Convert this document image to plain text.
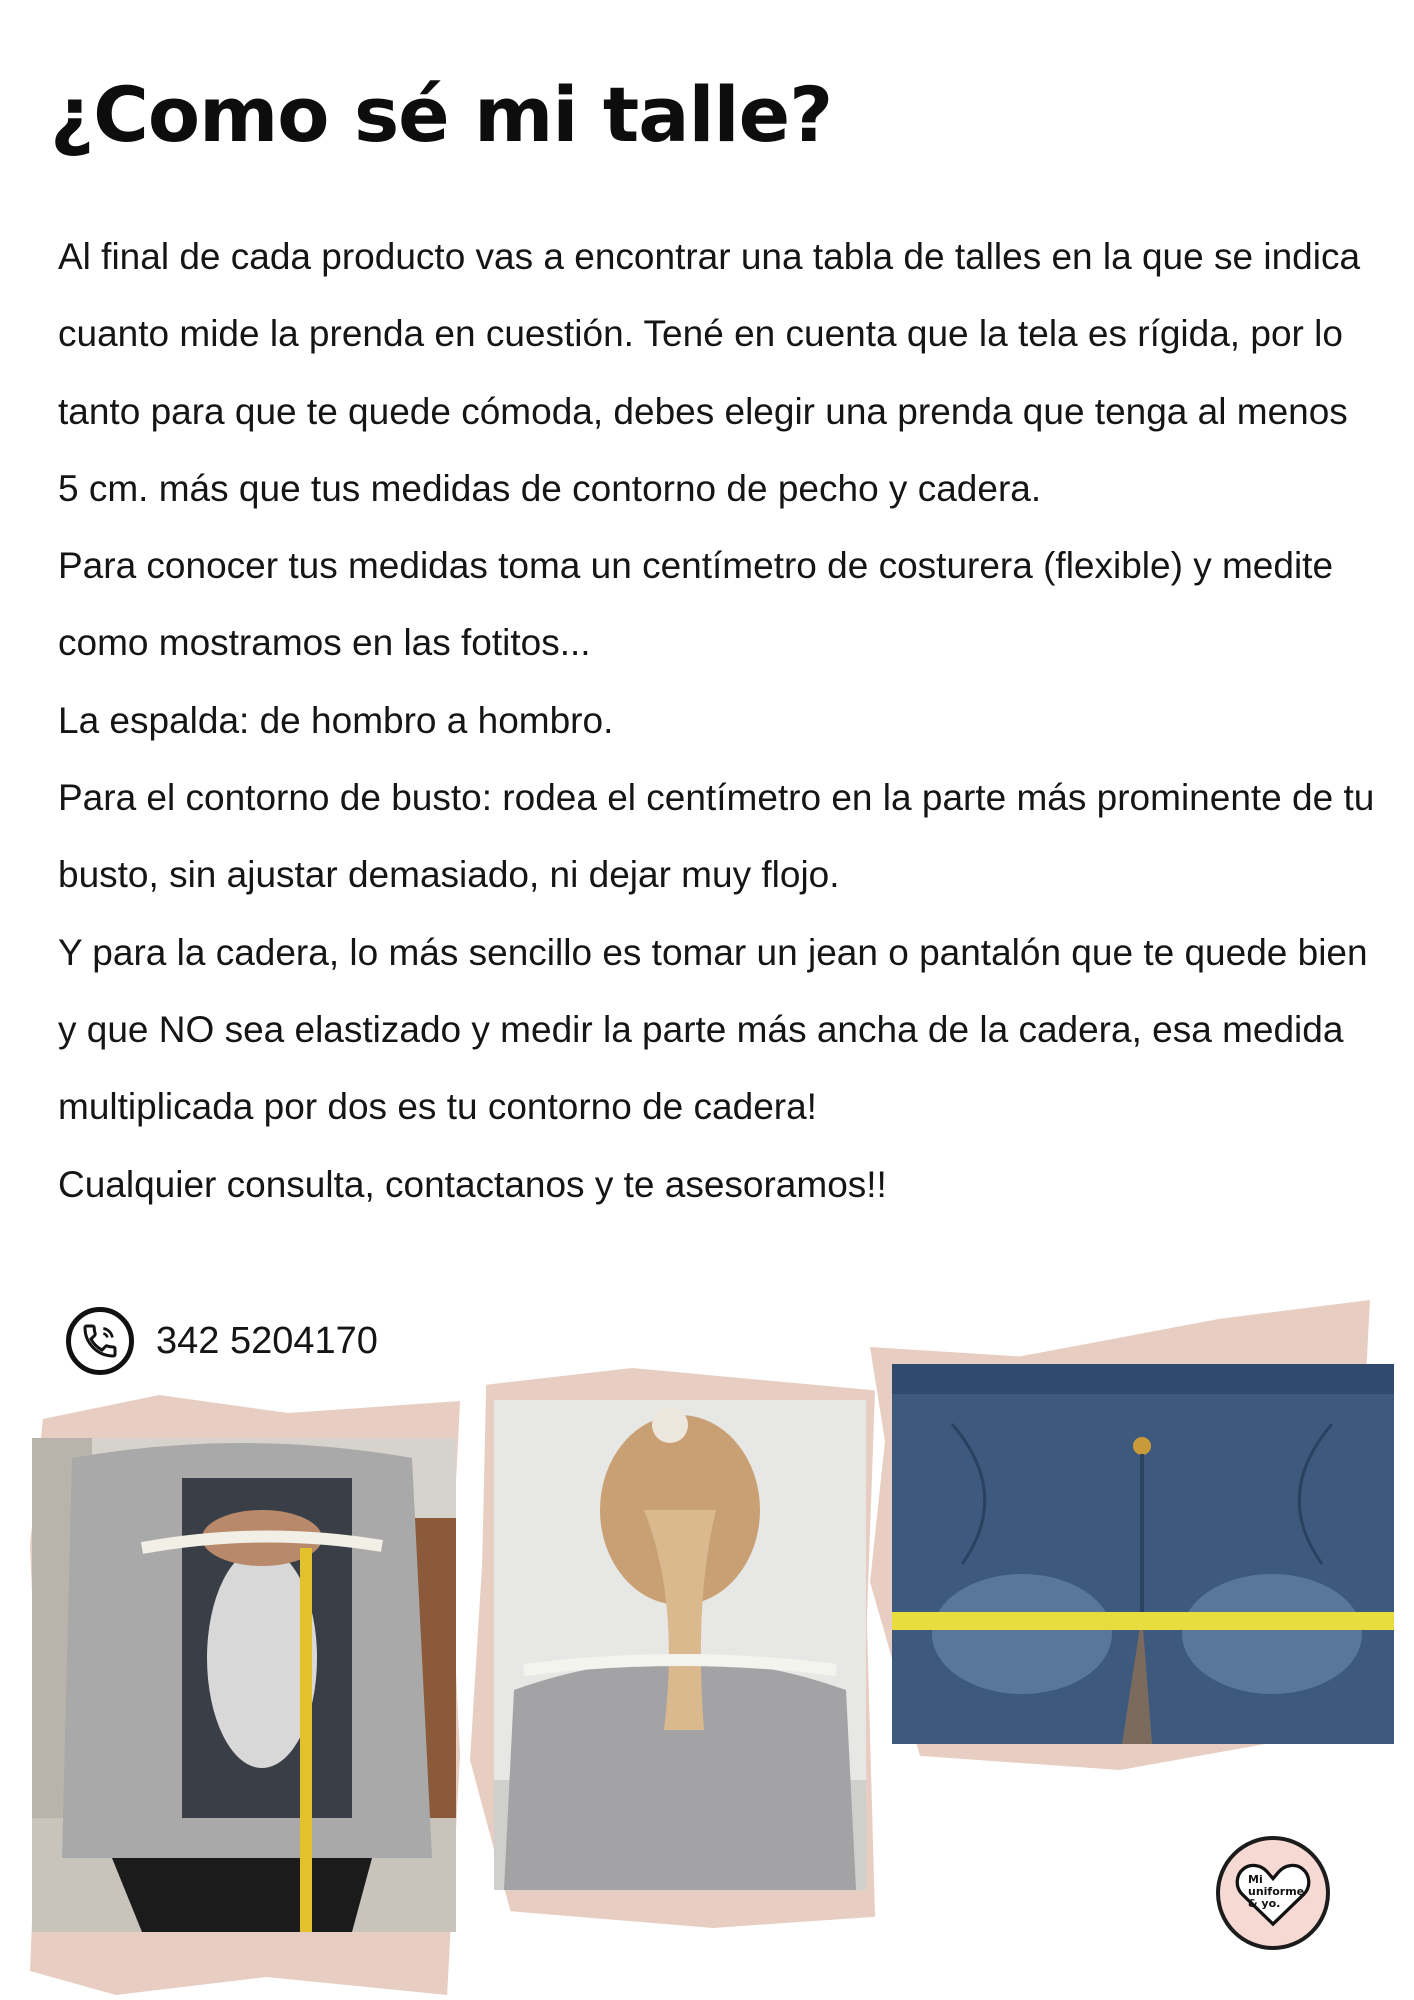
¿Como sé mi talle?

Al final de cada producto vas a encontrar una tabla de talles en la que se indica cuanto mide la prenda en cuestión. Tené en cuenta que la tela es rígida, por lo tanto para que te quede cómoda, debes elegir una prenda que tenga al menos 5 cm. más que tus medidas de contorno de pecho y cadera.

Para conocer tus medidas toma un centímetro de costurera (flexible) y medite como mostramos en las fotitos...

La espalda: de hombro a hombro.

Para el contorno de busto: rodea el centímetro en la parte más prominente de tu busto, sin ajustar demasiado, ni dejar muy flojo.

Y para la cadera, lo más sencillo es tomar un jean o pantalón que te quede bien y que NO sea elastizado y medir la parte más ancha de la cadera, esa medida multiplicada por dos es tu contorno de cadera!

Cualquier consulta, contactanos y te asesoramos!!

342 5204170
Mi uniforme & yo.
